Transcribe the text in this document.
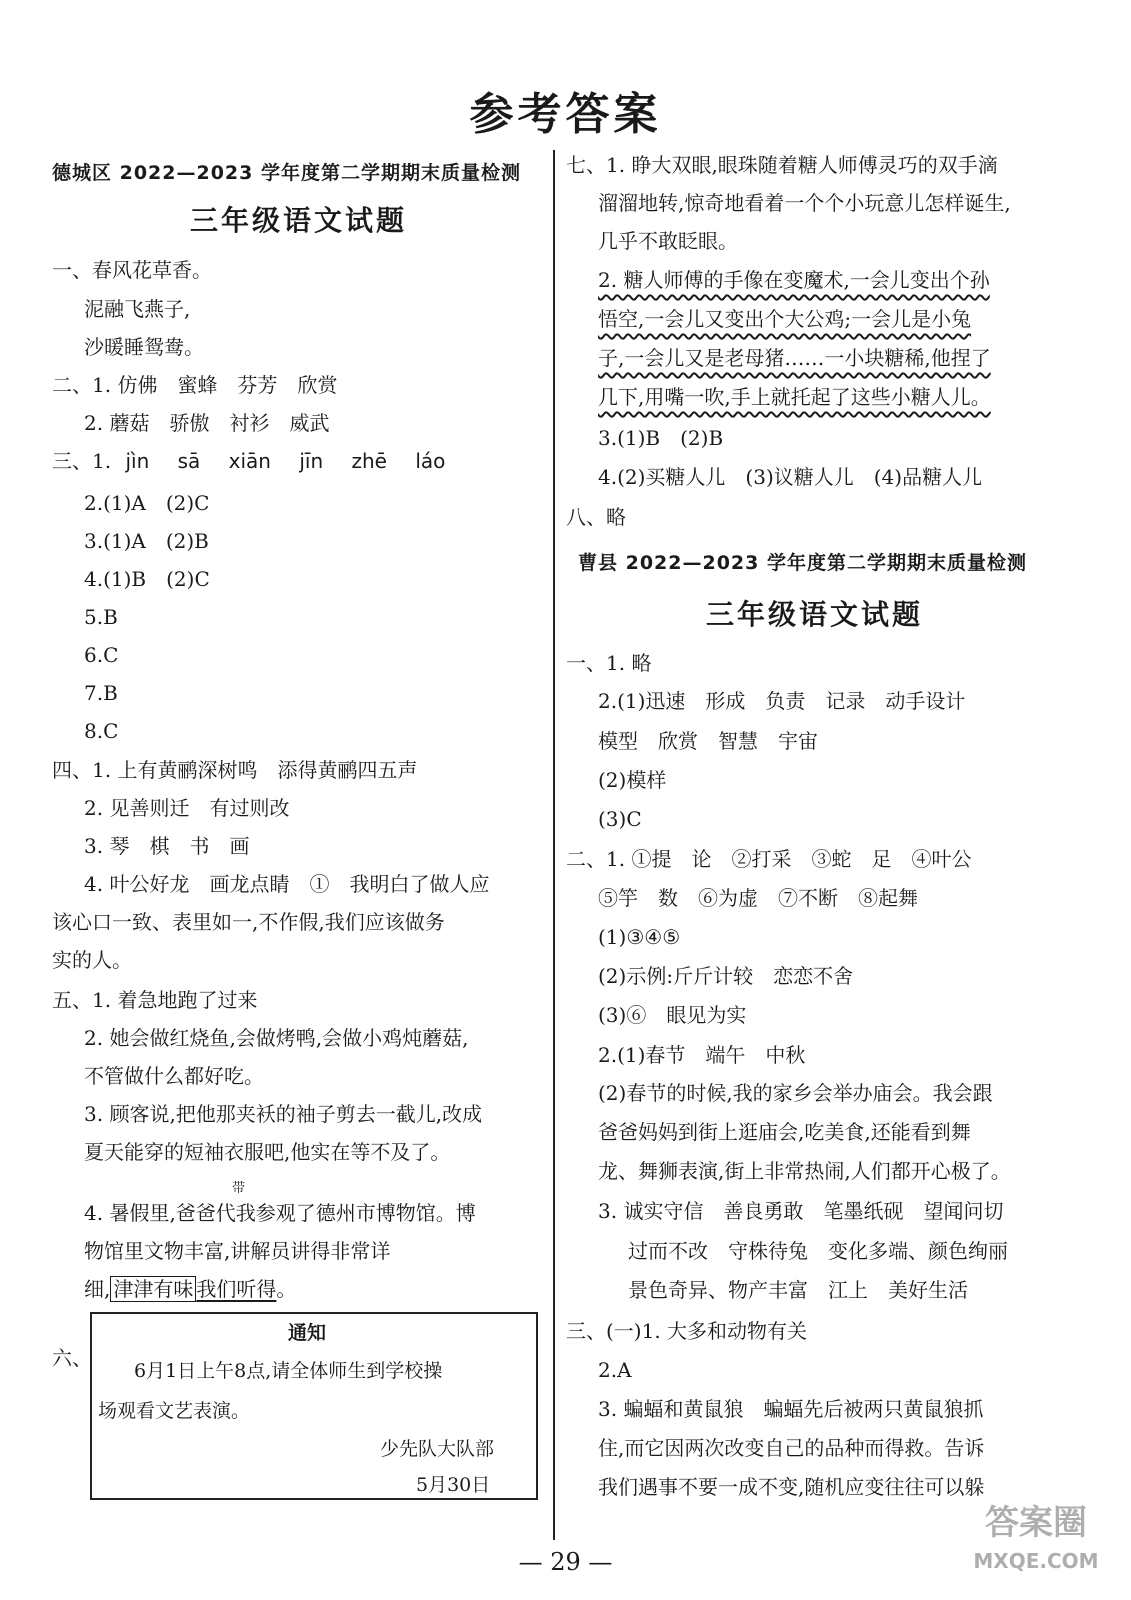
参考答案
德城区 2022—2023 学年度第二学期期末质量检测
三年级语文试题
一、春风花草香。
泥融飞燕子,
沙暖睡鸳鸯。
二、1. 仿佛　蜜蜂　芬芳　欣赏
2. 蘑菇　骄傲　衬衫　威武
三、1. jìn sā xiān jīn zhē láo
2.(1)A　(2)C
3.(1)A　(2)B
4.(1)B　(2)C
5.B
6.C
7.B
8.C
四、1. 上有黄鹂深树鸣　添得黄鹂四五声
2. 见善则迁　有过则改
3. 琴　棋　书　画
4. 叶公好龙　画龙点睛　①　我明白了做人应
该心口一致、表里如一,不作假,我们应该做务
实的人。
五、1. 着急地跑了过来
2. 她会做红烧鱼,会做烤鸭,会做小鸡炖蘑菇,
不管做什么都好吃。
3. 顾客说,把他那夹袄的袖子剪去一截儿,改成
夏天能穿的短袖衣服吧,他实在等不及了。
4. 暑假里,爸爸代我参观了德州市博物馆。博
带
物馆里文物丰富,讲解员讲得非常详
细, 津津有味 我们听得。
六、
通知
6月1日上午8点,请全体师生到学校操
场观看文艺表演。
少先队大队部
5月30日
七、1. 睁大双眼,眼珠随着糖人师傅灵巧的双手滴
溜溜地转,惊奇地看着一个个小玩意儿怎样诞生,
几乎不敢眨眼。
2. 糖人师傅的手像在变魔术,一会儿变出个孙
悟空,一会儿又变出个大公鸡;一会儿是小兔
子,一会儿又是老母猪……一小块糖稀,他捏了
几下,用嘴一吹,手上就托起了这些小糖人儿。
3.(1)B　(2)B
4.(2)买糖人儿　(3)议糖人儿　(4)品糖人儿
八、略
曹县 2022—2023 学年度第二学期期末质量检测
三年级语文试题
一、1. 略
2.(1)迅速　形成　负责　记录　动手设计
模型　欣赏　智慧　宇宙
(2)模样
(3)C
二、1. ①提　论　②打采　③蛇　足　④叶公
⑤竽　数　⑥为虚　⑦不断　⑧起舞
(1)③④⑤
(2)示例:斤斤计较　恋恋不舍
(3)⑥　眼见为实
2.(1)春节　端午　中秋
(2)春节的时候,我的家乡会举办庙会。我会跟
爸爸妈妈到街上逛庙会,吃美食,还能看到舞
龙、舞狮表演,街上非常热闹,人们都开心极了。
3. 诚实守信　善良勇敢　笔墨纸砚　望闻问切
过而不改　守株待兔　变化多端、颜色绚丽
景色奇异、物产丰富　江上　美好生活
三、(一)1. 大多和动物有关
2.A
3. 蝙蝠和黄鼠狼　蝙蝠先后被两只黄鼠狼抓
住,而它因两次改变自己的品种而得救。告诉
我们遇事不要一成不变,随机应变往往可以躲
— 29 —
答案圈
MXQE.COM
